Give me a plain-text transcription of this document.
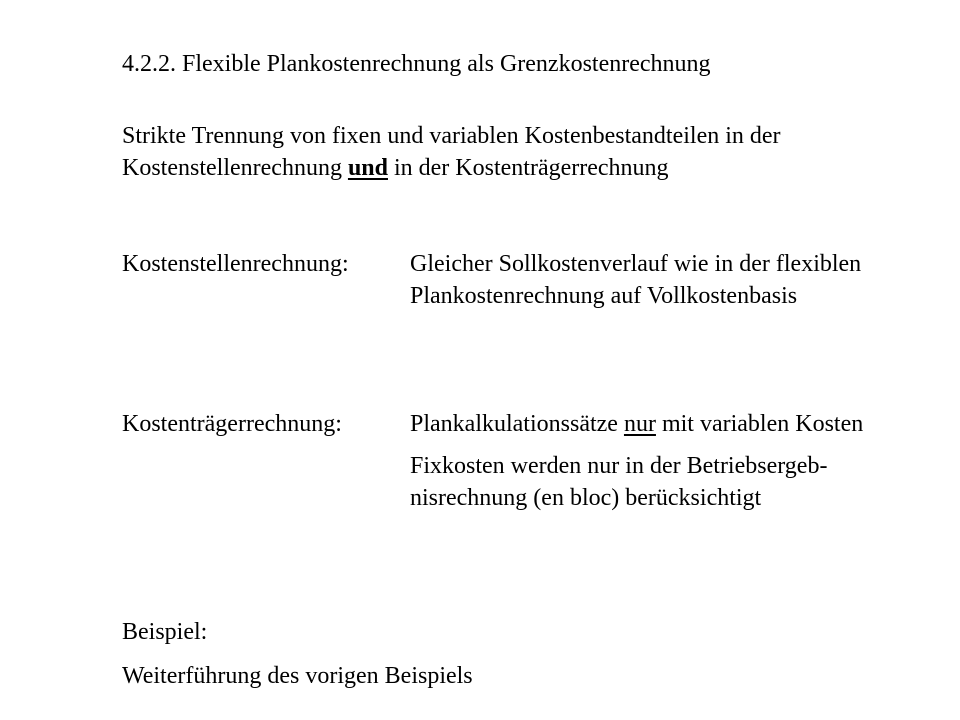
4.2.2. Flexible Plankostenrechnung als Grenzkostenrechnung

Strikte Trennung von fixen und variablen Kostenbestandteilen in der Kostenstellenrechnung und in der Kostenträgerrechnung

Kostenstellenrechnung:	Gleicher Sollkostenverlauf wie in der flexiblen Plankostenrechnung auf Vollkostenbasis

Kostenträgerrechnung:	Plankalkulationssätze nur mit variablen Kosten

Fixkosten werden nur in der Betriebsergeb-nisrechnung (en bloc) berücksichtigt

Beispiel:
Weiterführung des vorigen Beispiels
